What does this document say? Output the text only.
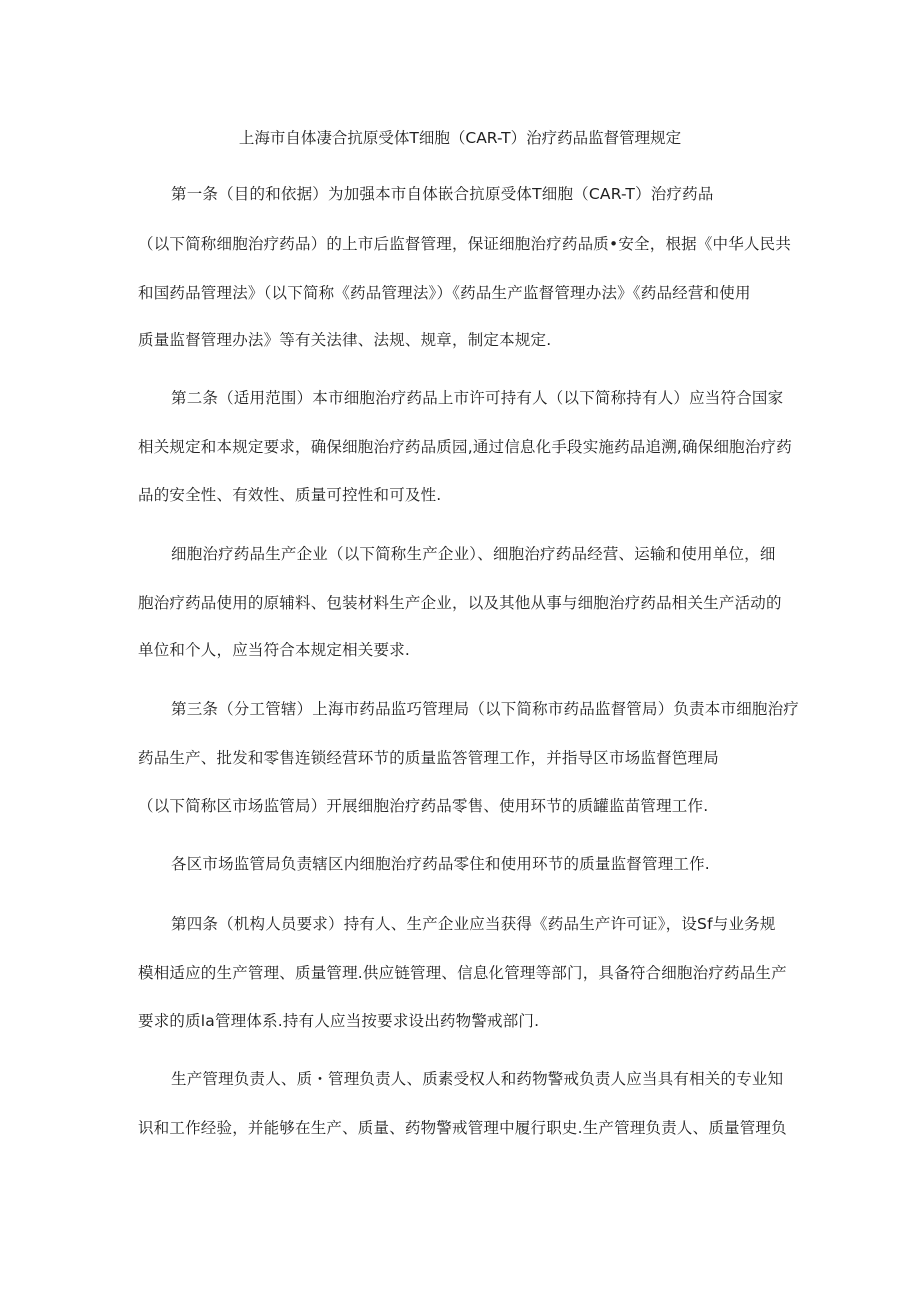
上海市自体凄合抗原受体T细胞（CAR-T）治疗药品监督管理规定
第一条（目的和依据）为加强本市自体嵌合抗原受体T细胞（CAR-T）治疗药品
（以下简称细胞治疗药品）的上市后监督管理，保证细胞治疗药品质•安全，根据《中华人民共
和国药品管理法》（以下简称《药品管理法》）《药品生产监督管理办法》《药品经营和使用
质量监督管理办法》等有关法律、法规、规章，制定本规定.
第二条（适用范围）本市细胞治疗药品上市许可持有人（以下简称持有人）应当符合国家
相关规定和本规定要求，确保细胞治疗药品质园,通过信息化手段实施药品追溯,确保细胞治疗药
品的安全性、有效性、质量可控性和可及性.
细胞治疗药品生产企业（以下简称生产企业）、细胞治疗药品经营、运输和使用单位，细
胞治疗药品使用的原辅料、包装材料生产企业，以及其他从事与细胞治疗药品相关生产活动的
单位和个人，应当符合本规定相关要求.
第三条（分工管辖）上海市药品监巧管理局（以下简称市药品监督管局）负责本市细胞治疗
药品生产、批发和零售连锁经营环节的质量监答管理工作，并指导区市场监督笆理局
（以下简称区市场监管局）开展细胞治疗药品零售、使用环节的质罐监苗管理工作.
各区市场监管局负责辖区内细胞治疗药品零住和使用环节的质量监督管理工作.
第四条（机构人员要求）持有人、生产企业应当获得《药品生产许可证》，设Sf与业务规
模相适应的生产管理、质量管理.供应链管理、信息化管理等部门，具备符合细胞治疗药品生产
要求的质la管理体系.持有人应当按要求设出药物警戒部门.
生产管理负责人、质・管理负责人、质素受权人和药物警戒负责人应当具有相关的专业知
识和工作经验，并能够在生产、质量、药物警戒管理中履行职史.生产管理负责人、质量管理负
